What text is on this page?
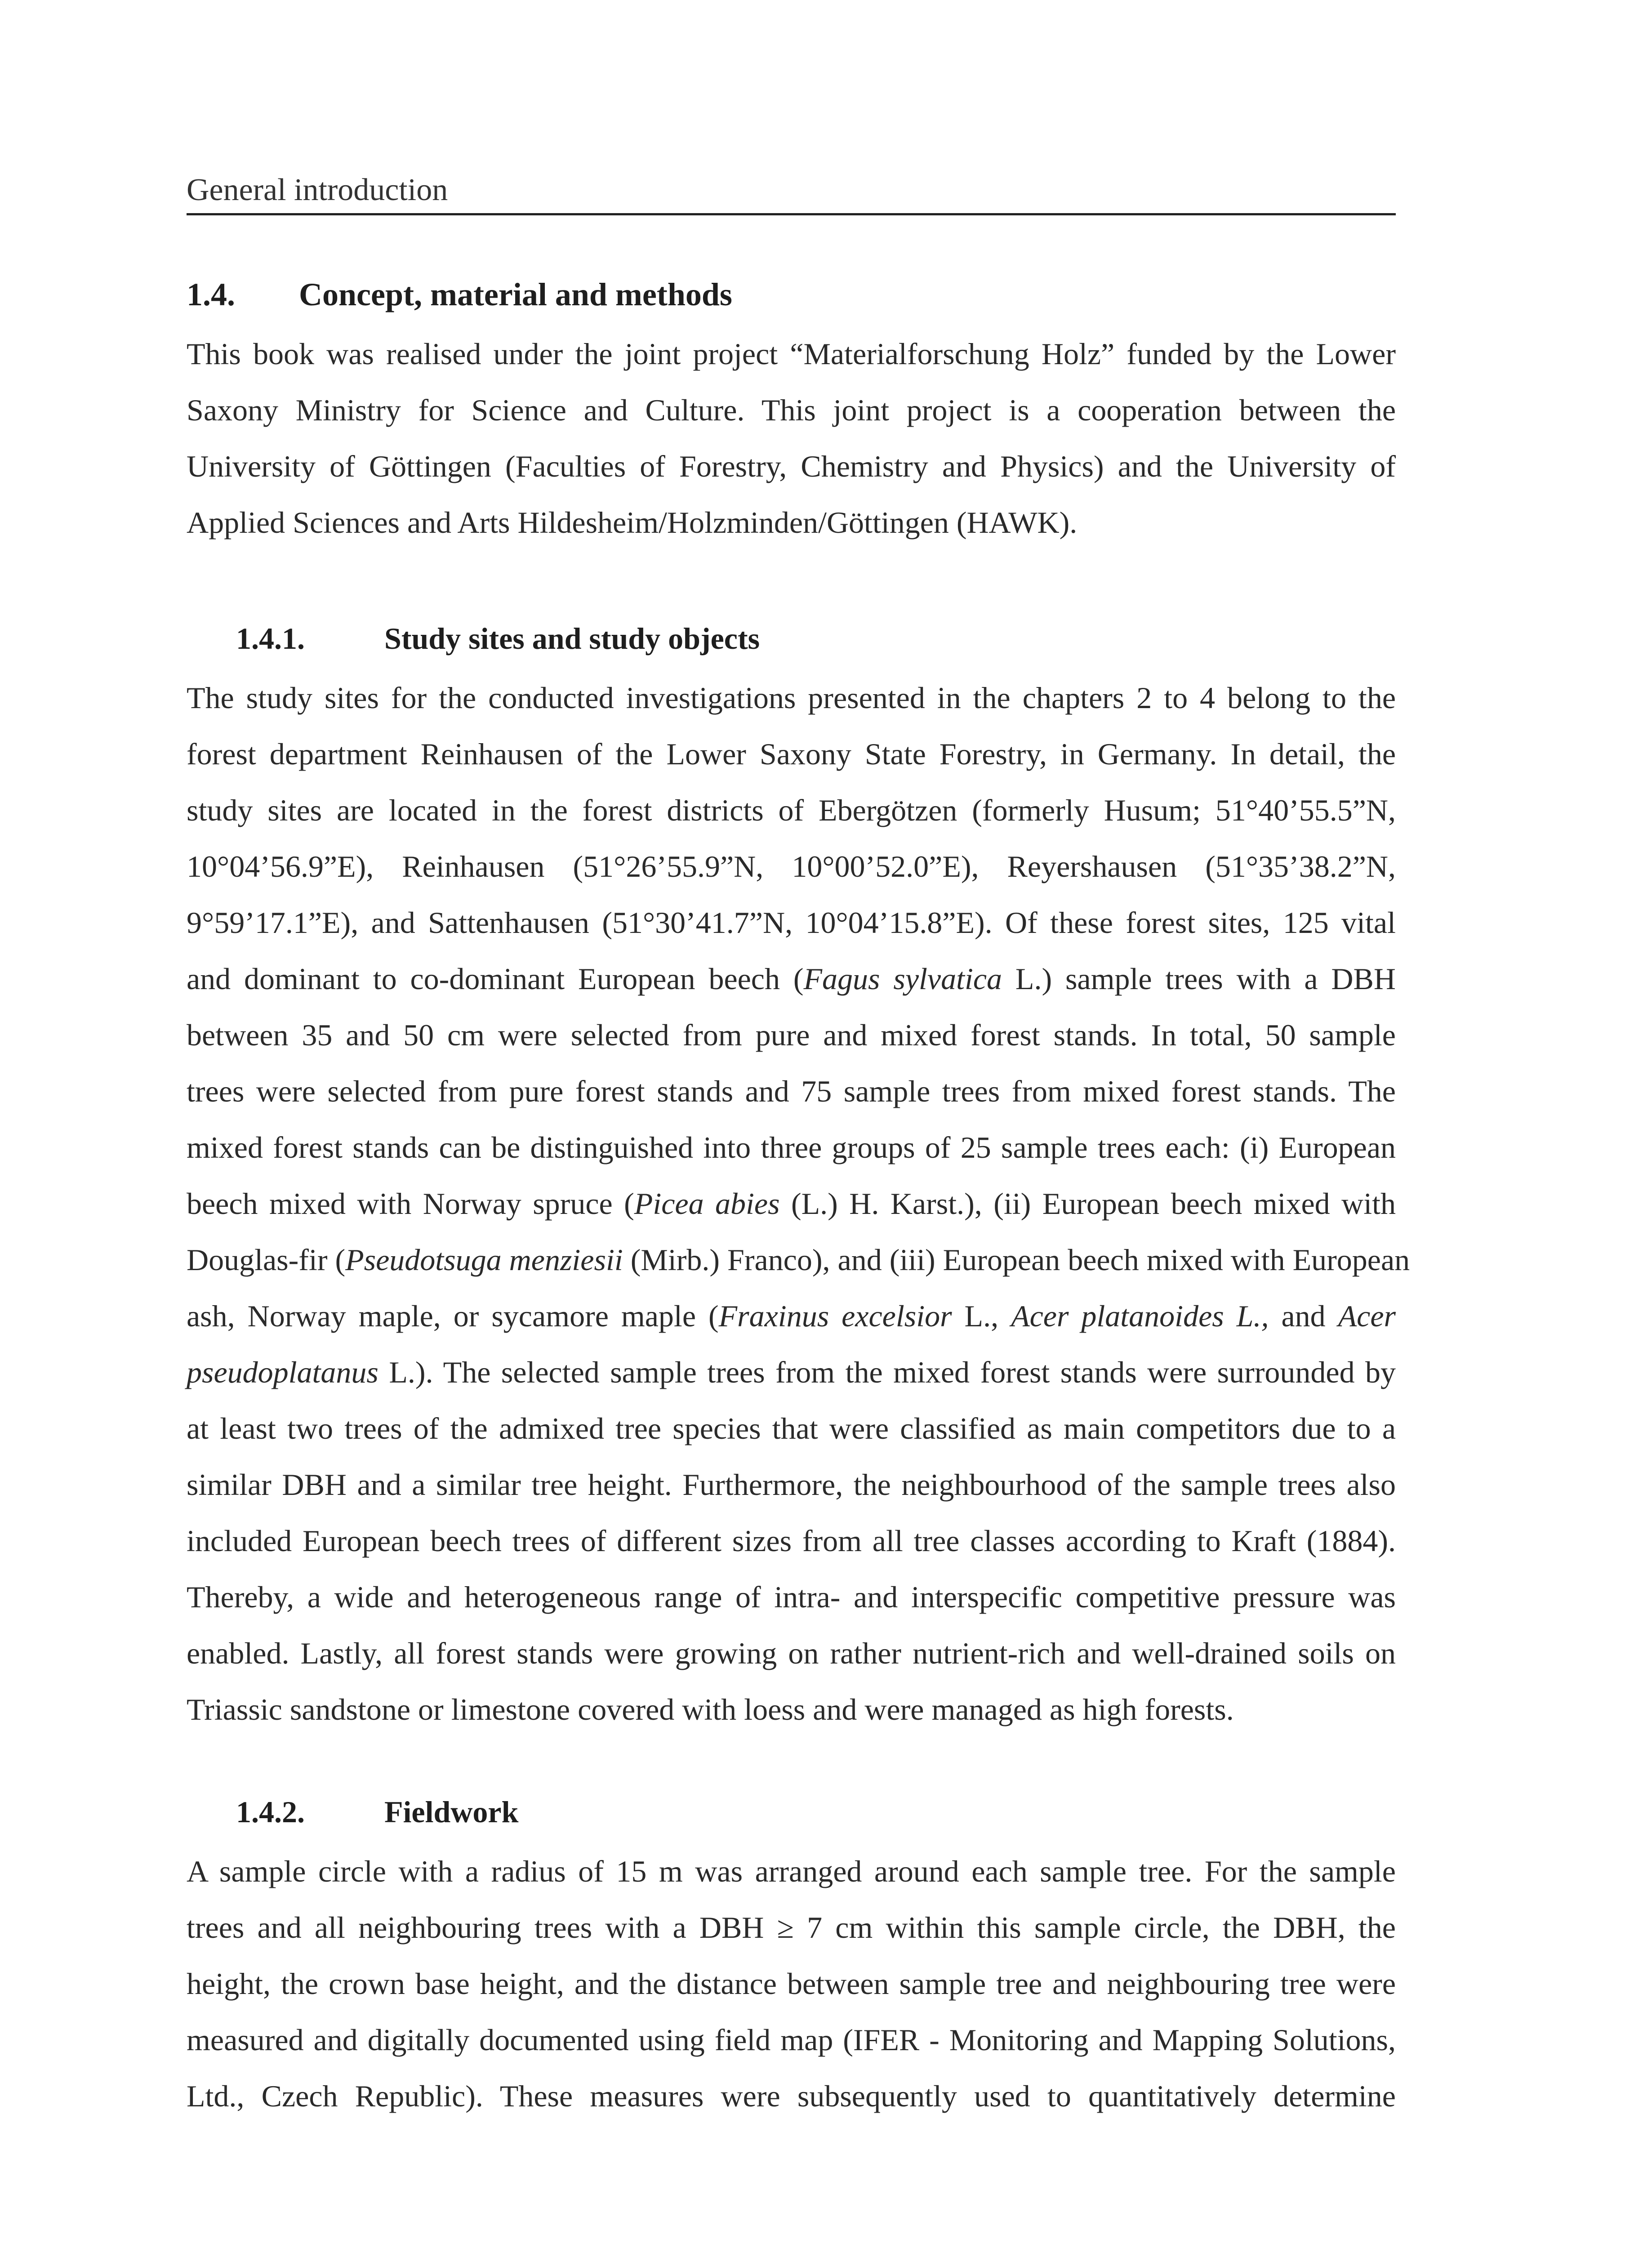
General introduction
1.4. Concept, material and methods

This book was realised under the joint project “Materialforschung Holz” funded by the Lower
Saxony Ministry for Science and Culture. This joint project is a cooperation between the
University of Göttingen (Faculties of Forestry, Chemistry and Physics) and the University of
Applied Sciences and Arts Hildesheim/Holzminden/Göttingen (HAWK).

1.4.1.	Study sites and study objects

The study sites for the conducted investigations presented in the chapters 2 to 4 belong to the
forest department Reinhausen of the Lower Saxony State Forestry, in Germany. In detail, the
study sites are located in the forest districts of Ebergötzen (formerly Husum; 51°40’55.5”N,
10°04’56.9”E), Reinhausen (51°26’55.9”N, 10°00’52.0”E), Reyershausen (51°35’38.2”N,
9°59’17.1”E), and Sattenhausen (51°30’41.7”N, 10°04’15.8”E). Of these forest sites, 125 vital
and dominant to co-dominant European beech (Fagus sylvatica L.) sample trees with a DBH
between 35 and 50 cm were selected from pure and mixed forest stands. In total, 50 sample
trees were selected from pure forest stands and 75 sample trees from mixed forest stands. The
mixed forest stands can be distinguished into three groups of 25 sample trees each: (i) European
beech mixed with Norway spruce (Picea abies (L.) H. Karst.), (ii) European beech mixed with
Douglas-fir (Pseudotsuga menziesii (Mirb.) Franco), and (iii) European beech mixed with European
ash, Norway maple, or sycamore maple (Fraxinus excelsior L., Acer platanoides L., and Acer
pseudoplatanus L.). The selected sample trees from the mixed forest stands were surrounded by
at least two trees of the admixed tree species that were classified as main competitors due to a
similar DBH and a similar tree height. Furthermore, the neighbourhood of the sample trees also
included European beech trees of different sizes from all tree classes according to Kraft (1884).
Thereby, a wide and heterogeneous range of intra- and interspecific competitive pressure was
enabled. Lastly, all forest stands were growing on rather nutrient-rich and well-drained soils on
Triassic sandstone or limestone covered with loess and were managed as high forests.

1.4.2.	Fieldwork

A sample circle with a radius of 15 m was arranged around each sample tree. For the sample
trees and all neighbouring trees with a DBH ≥ 7 cm within this sample circle, the DBH, the
height, the crown base height, and the distance between sample tree and neighbouring tree were
measured and digitally documented using field map (IFER - Monitoring and Mapping Solutions,
Ltd., Czech Republic). These measures were subsequently used to quantitatively determine
